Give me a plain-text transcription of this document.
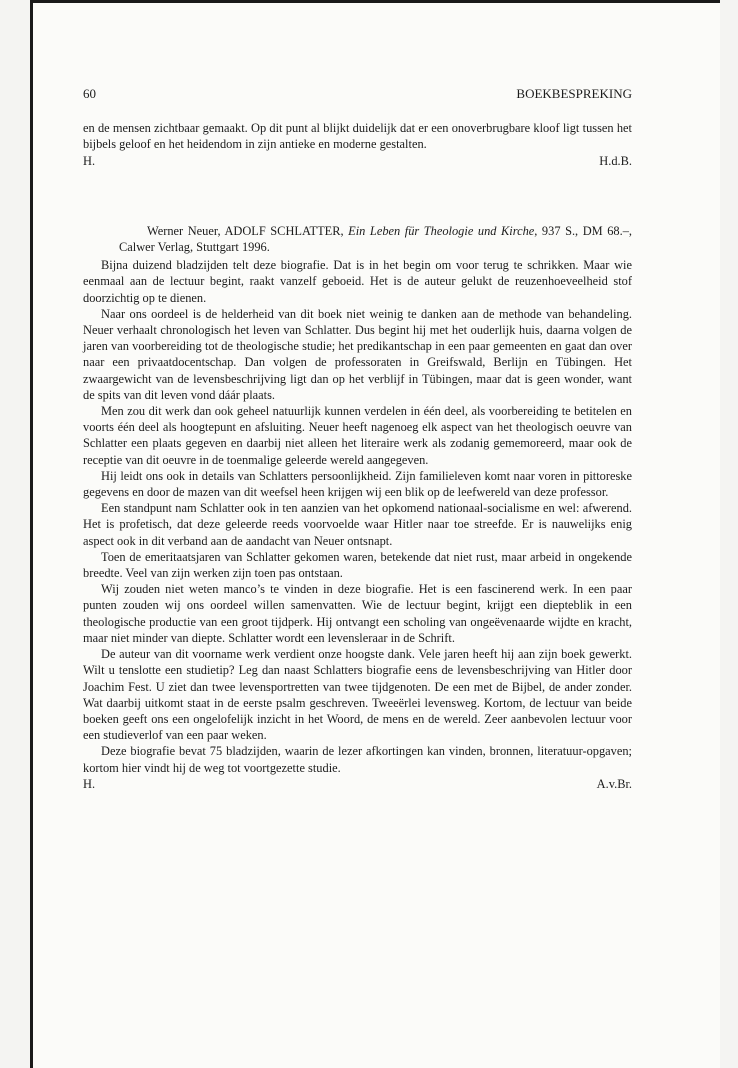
60	BOEKBESPREKING

en de mensen zichtbaar gemaakt. Op dit punt al blijkt duidelijk dat er een onoverbrugbare kloof ligt tussen het bijbels geloof en het heidendom in zijn antieke en moderne gestalten.

H.	H.d.B.

Werner Neuer, ADOLF SCHLATTER, Ein Leben für Theologie und Kirche, 937 S., DM 68.–, Calwer Verlag, Stuttgart 1996.

Bijna duizend bladzijden telt deze biografie. Dat is in het begin om voor terug te schrikken. Maar wie eenmaal aan de lectuur begint, raakt vanzelf geboeid. Het is de auteur gelukt de reuzenhoeveelheid stof doorzichtig op te dienen.

Naar ons oordeel is de helderheid van dit boek niet weinig te danken aan de methode van behandeling. Neuer verhaalt chronologisch het leven van Schlatter. Dus begint hij met het ouderlijk huis, daarna volgen de jaren van voorbereiding tot de theologische studie; het predikantschap in een paar gemeenten en gaat dan over naar een privaatdocentschap. Dan volgen de professoraten in Greifswald, Berlijn en Tübingen. Het zwaargewicht van de levensbeschrijving ligt dan op het verblijf in Tübingen, maar dat is geen wonder, want de spits van dit leven vond dáár plaats.

Men zou dit werk dan ook geheel natuurlijk kunnen verdelen in één deel, als voorbereiding te betitelen en voorts één deel als hoogtepunt en afsluiting. Neuer heeft nagenoeg elk aspect van het theologisch oeuvre van Schlatter een plaats gegeven en daarbij niet alleen het literaire werk als zodanig gememoreerd, maar ook de receptie van dit oeuvre in de toenmalige geleerde wereld aangegeven.

Hij leidt ons ook in details van Schlatters persoonlijkheid. Zijn familieleven komt naar voren in pittoreske gegevens en door de mazen van dit weefsel heen krijgen wij een blik op de leefwereld van deze professor.

Een standpunt nam Schlatter ook in ten aanzien van het opkomend nationaal-socialisme en wel: afwerend. Het is profetisch, dat deze geleerde reeds voorvoelde waar Hitler naar toe streefde. Er is nauwelijks enig aspect ook in dit verband aan de aandacht van Neuer ontsnapt.

Toen de emeritaatsjaren van Schlatter gekomen waren, betekende dat niet rust, maar arbeid in ongekende breedte. Veel van zijn werken zijn toen pas ontstaan.

Wij zouden niet weten manco’s te vinden in deze biografie. Het is een fascinerend werk. In een paar punten zouden wij ons oordeel willen samenvatten. Wie de lectuur begint, krijgt een diepteblik in een theologische productie van een groot tijdperk. Hij ontvangt een scholing van ongeëvenaarde wijdte en kracht, maar niet minder van diepte. Schlatter wordt een levensleraar in de Schrift.

De auteur van dit voorname werk verdient onze hoogste dank. Vele jaren heeft hij aan zijn boek gewerkt. Wilt u tenslotte een studietip? Leg dan naast Schlatters biografie eens de levensbeschrijving van Hitler door Joachim Fest. U ziet dan twee levensportretten van twee tijdgenoten. De een met de Bijbel, de ander zonder. Wat daarbij uitkomt staat in de eerste psalm geschreven. Tweeërlei levensweg. Kortom, de lectuur van beide boeken geeft ons een ongelofelijk inzicht in het Woord, de mens en de wereld. Zeer aanbevolen lectuur voor een studieverlof van een paar weken.

Deze biografie bevat 75 bladzijden, waarin de lezer afkortingen kan vinden, bronnen, literatuur-opgaven; kortom hier vindt hij de weg tot voortgezette studie.

H.	A.v.Br.
